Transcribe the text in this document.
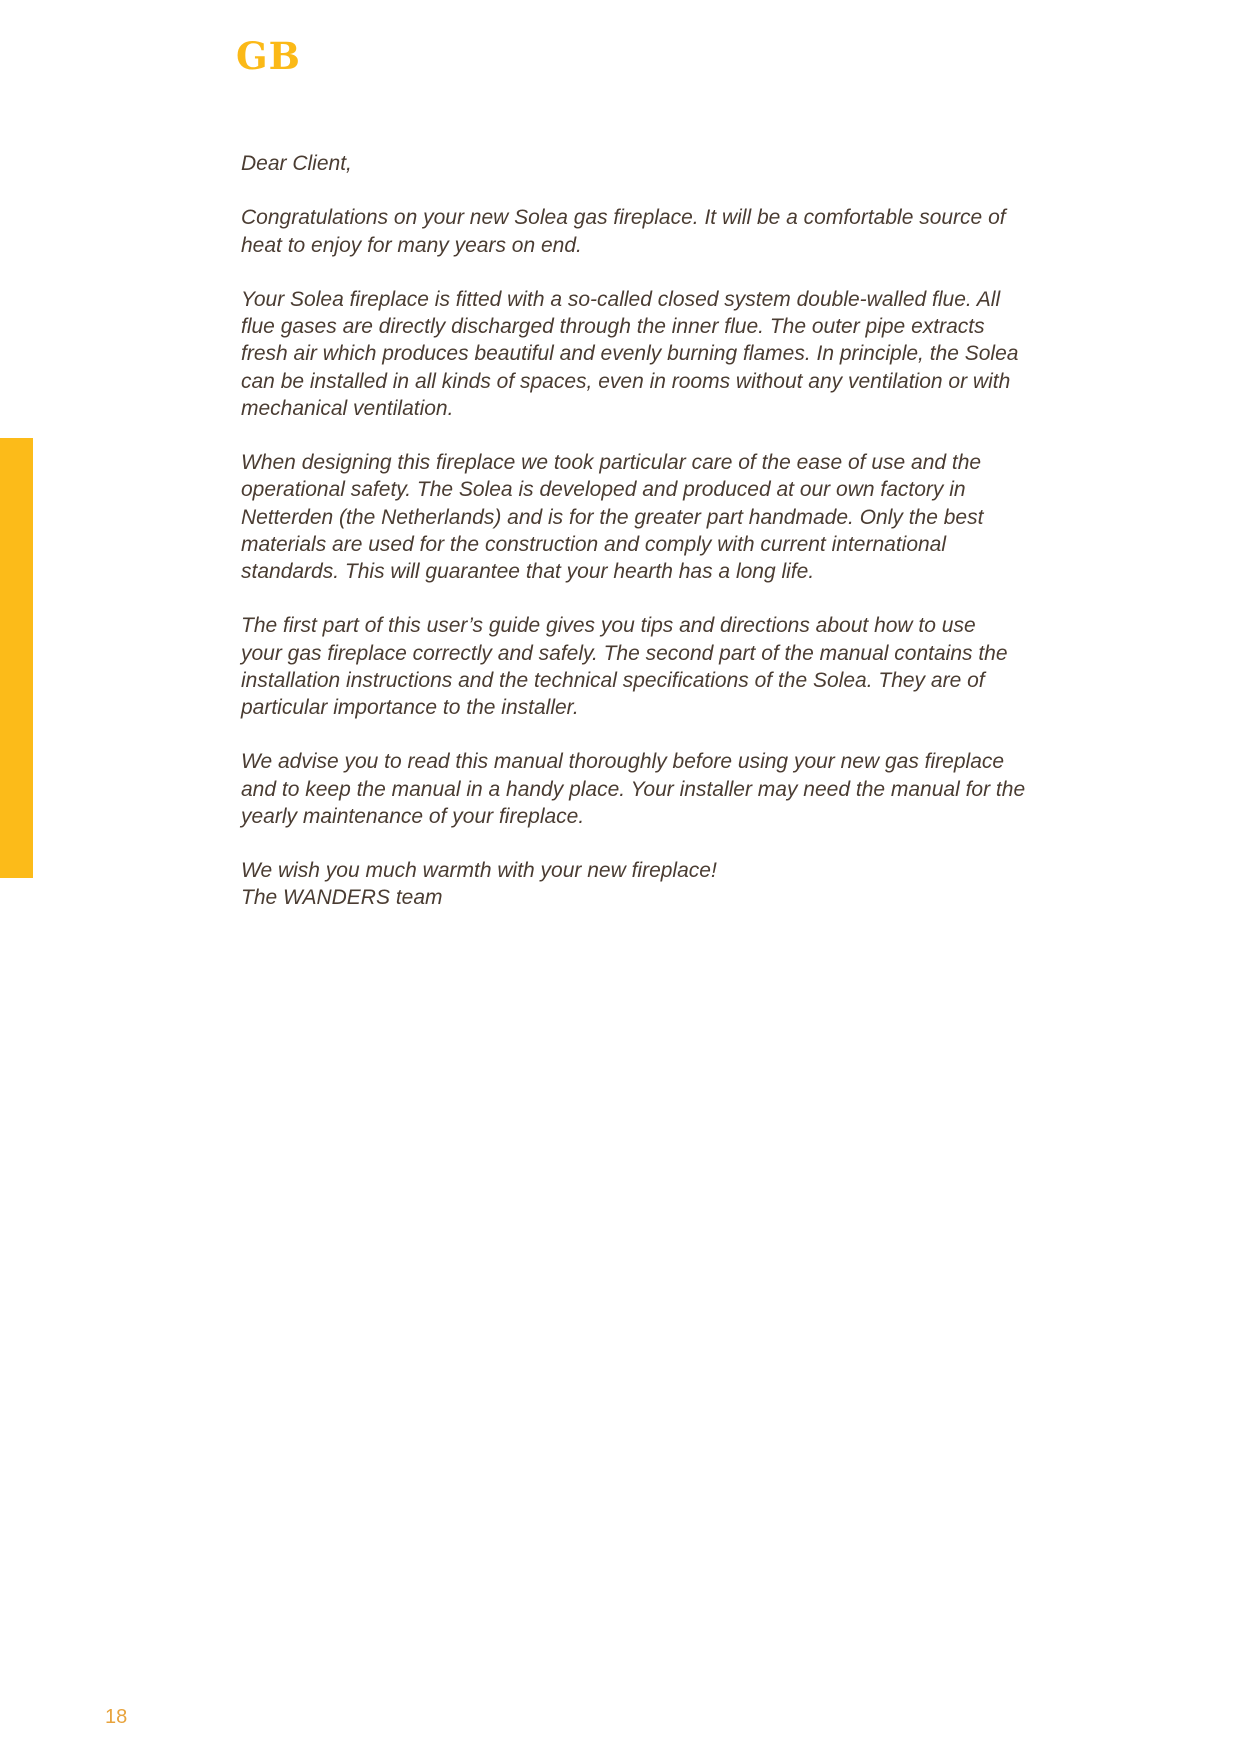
GB

Dear Client,

Congratulations on your new Solea gas fireplace. It will be a comfortable source of
heat to enjoy for many years on end.

Your Solea fireplace is fitted with a so-called closed system double-walled flue. All
flue gases are directly discharged through the inner flue. The outer pipe extracts
fresh air which produces beautiful and evenly burning flames. In principle, the Solea
can be installed in all kinds of spaces, even in rooms without any ventilation or with
mechanical ventilation.

When designing this fireplace we took particular care of the ease of use and the
operational safety. The Solea is developed and produced at our own factory in
Netterden (the Netherlands) and is for the greater part handmade. Only the best
materials are used for the construction and comply with current international
standards. This will guarantee that your hearth has a long life.

The first part of this user’s guide gives you tips and directions about how to use
your gas fireplace correctly and safely. The second part of the manual contains the
installation instructions and the technical specifications of the Solea. They are of
particular importance to the installer.

We advise you to read this manual thoroughly before using your new gas fireplace
and to keep the manual in a handy place. Your installer may need the manual for the
yearly maintenance of your fireplace.

We wish you much warmth with your new fireplace!
The WANDERS team

18
